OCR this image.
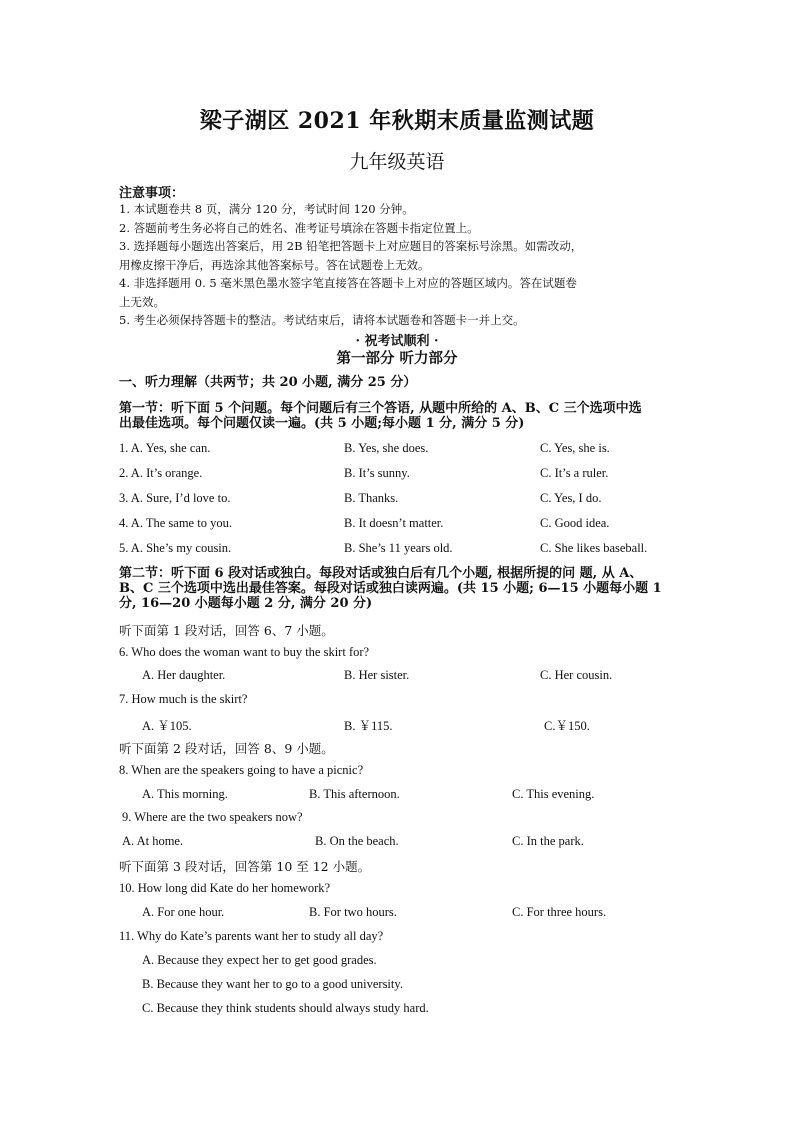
梁子湖区 2021 年秋期末质量监测试题
九年级英语
注意事项：
1. 本试题卷共 8 页，满分 120 分，考试时间 120 分钟。
2. 答题前考生务必将自己的姓名、准考证号填涂在答题卡指定位置上。
3. 选择题每小题选出答案后，用 2B 铅笔把答题卡上对应题目的答案标号涂黑。如需改动，
用橡皮擦干净后，再选涂其他答案标号。答在试题卷上无效。
4. 非选择题用 0. 5 毫米黑色墨水签字笔直接答在答题卡上对应的答题区域内。答在试题卷
上无效。
5. 考生必须保持答题卡的整洁。考试结束后，请将本试题卷和答题卡一并上交。
· 祝考试顺利 ·
第一部分 听力部分
一、听力理解（共两节；共 20 小题, 满分 25 分）
第一节：听下面 5 个问题。每个问题后有三个答语, 从题中所给的 A、B、C 三个选项中选
出最佳选项。每个问题仅读一遍。(共 5 小题;每小题 1 分, 满分 5 分)
1. A. Yes, she can.	B. Yes, she does.	C. Yes, she is.
2. A. It’s orange.	B. It’s sunny.	C. It’s a ruler.
3. A. Sure, I’d love to.	B. Thanks.	C. Yes, I do.
4. A. The same to you.	B. It doesn’t matter.	C. Good idea.
5. A. She’s my cousin.	B. She’s 11 years old.	C. She likes baseball.
第二节：听下面 6 段对话或独白。每段对话或独白后有几个小题, 根据所提的问 题, 从 A、
B、C 三个选项中选出最佳答案。每段对话或独白读两遍。(共 15 小题; 6—15 小题每小题 1
分, 16—20 小题每小题 2 分, 满分 20 分)
听下面第 1 段对话，回答 6、7 小题。
6. Who does the woman want to buy the skirt for?
A. Her daughter.	B. Her sister.	C. Her cousin.
7. How much is the skirt?
A. ￥105.	B. ￥115.	C.￥150.
听下面第 2 段对话，回答 8、9 小题。
8. When are the speakers going to have a picnic?
A. This morning.	B. This afternoon.	C. This evening.
9. Where are the two speakers now?
A. At home.	B. On the beach.	C. In the park.
听下面第 3 段对话，回答第 10 至 12 小题。
10. How long did Kate do her homework?
A. For one hour.	B. For two hours.	C. For three hours.
11. Why do Kate’s parents want her to study all day?
A. Because they expect her to get good grades.
B. Because they want her to go to a good university.
C. Because they think students should always study hard.
